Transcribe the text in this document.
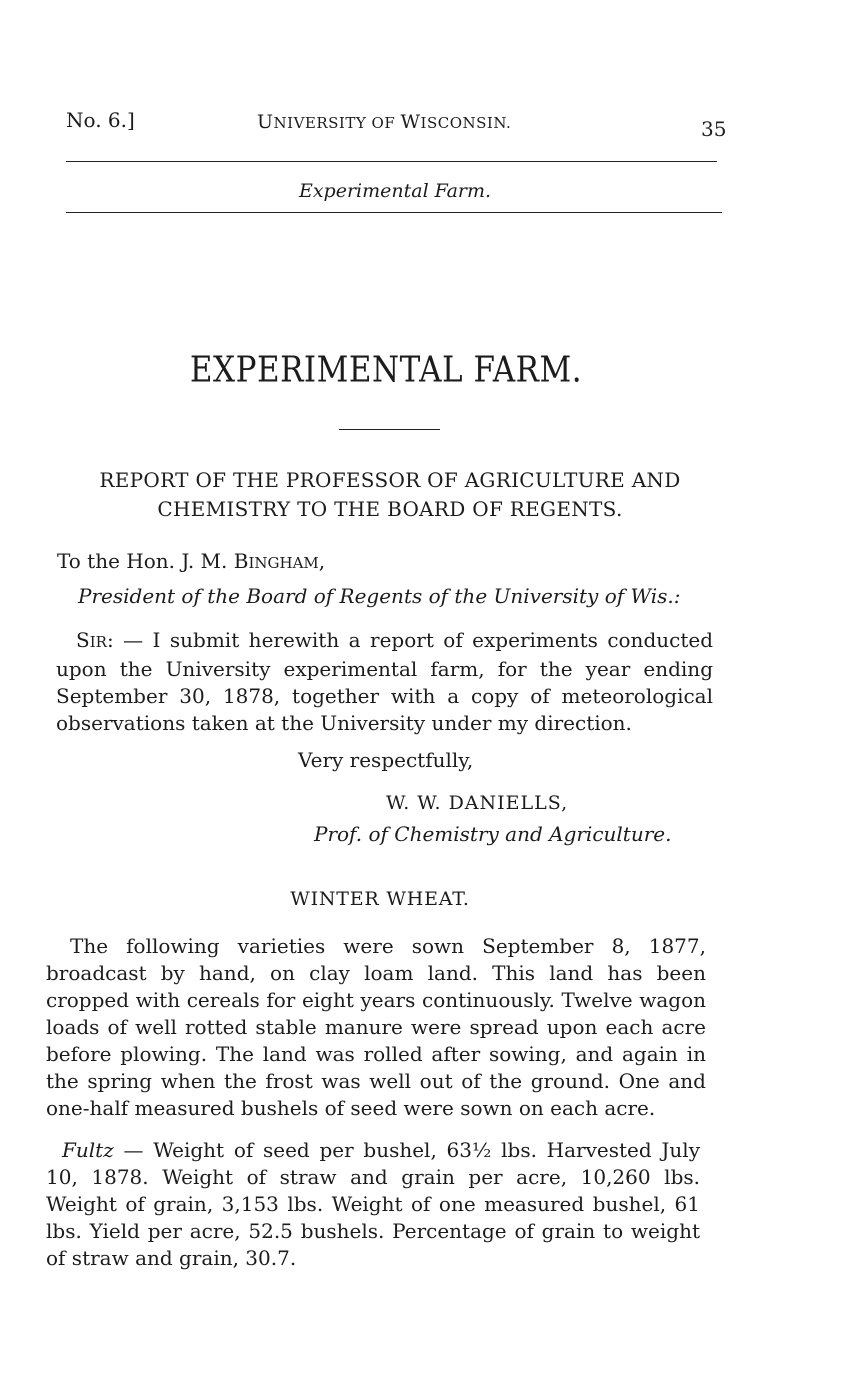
No. 6.]	UNIVERSITY OF WISCONSIN.	35
Experimental Farm.
EXPERIMENTAL FARM.
REPORT OF THE PROFESSOR OF AGRICULTURE AND CHEMISTRY TO THE BOARD OF REGENTS.
To the Hon. J. M. BINGHAM,
President of the Board of Regents of the University of Wis.:
SIR: — I submit herewith a report of experiments conducted upon the University experimental farm, for the year ending September 30, 1878, together with a copy of meteorological observations taken at the University under my direction.
Very respectfully,
W. W. DANIELLS,
Prof. of Chemistry and Agriculture.
WINTER WHEAT.
The following varieties were sown September 8, 1877, broadcast by hand, on clay loam land. This land has been cropped with cereals for eight years continuously. Twelve wagon loads of well rotted stable manure were spread upon each acre before plowing. The land was rolled after sowing, and again in the spring when the frost was well out of the ground. One and one-half measured bushels of seed were sown on each acre.
Fultz — Weight of seed per bushel, 63½ lbs. Harvested July 10, 1878. Weight of straw and grain per acre, 10,260 lbs. Weight of grain, 3,153 lbs. Weight of one measured bushel, 61 lbs. Yield per acre, 52.5 bushels. Percentage of grain to weight of straw and grain, 30.7.
